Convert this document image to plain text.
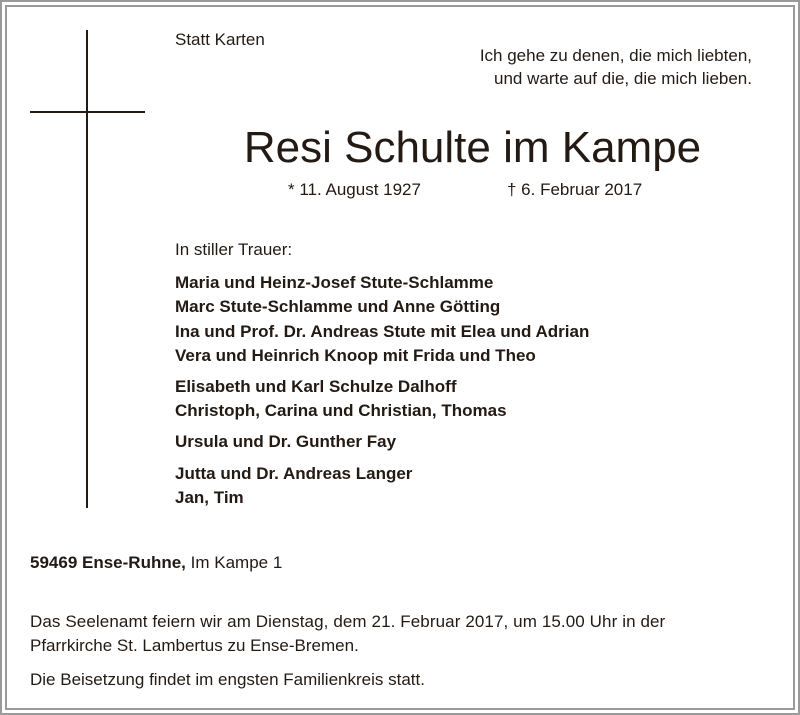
Statt Karten
Ich gehe zu denen, die mich liebten,
und warte auf die, die mich lieben.
Resi Schulte im Kampe
* 11. August 1927	† 6. Februar 2017
In stiller Trauer:
Maria und Heinz-Josef Stute-Schlamme
Marc Stute-Schlamme und Anne Götting
Ina und Prof. Dr. Andreas Stute mit Elea und Adrian
Vera und Heinrich Knoop mit Frida und Theo
Elisabeth und Karl Schulze Dalhoff
Christoph, Carina und Christian, Thomas
Ursula und Dr. Gunther Fay
Jutta und Dr. Andreas Langer
Jan, Tim
59469 Ense-Ruhne, Im Kampe 1
Das Seelenamt feiern wir am Dienstag, dem 21. Februar 2017, um 15.00 Uhr in der
Pfarrkirche St. Lambertus zu Ense-Bremen.
Die Beisetzung findet im engsten Familienkreis statt.
